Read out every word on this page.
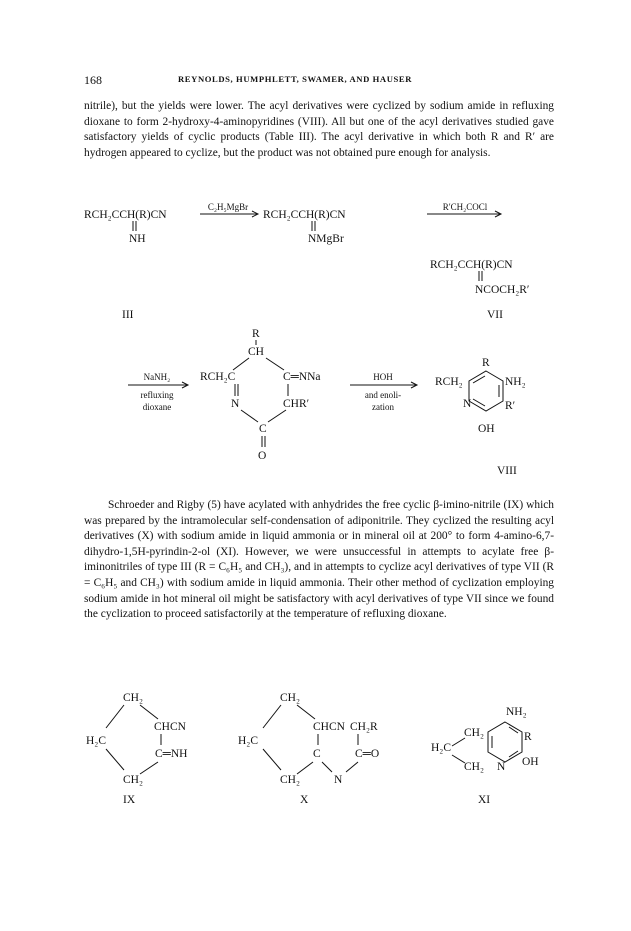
168	REYNOLDS, HUMPHLETT, SWAMER, AND HAUSER
nitrile), but the yields were lower. The acyl derivatives were cyclized by sodium amide in refluxing dioxane to form 2-hydroxy-4-aminopyridines (VIII). All but one of the acyl derivatives studied gave satisfactory yields of cyclic products (Table III). The acyl derivative in which both R and R′ are hydrogen appeared to cyclize, but the product was not obtained pure enough for analysis.
RCH₂CCH(R)CN
NH
C₂H₅MgBr
RCH₂CCH(R)CN
NMgBr
R′CH₂COCl
RCH₂CCH(R)CN
NCOCH₂R′
III	VII
NaNH₂
refluxing
dioxane
R
CH
RCH₂C	C═NNa
N	CHR′
C
O
HOH
and enoli-
zation
R
RCH₂	NH₂
N	R′
OH
VIII
CH₂
CHCN
H₂C
C═NH
CH₂
IX
CH₂
CHCN CH₂R
H₂C
C	C═O
CH₂	N
X
NH₂
CH₂	R
H₂C
CH₂ N OH
XI
Schroeder and Rigby (5) have acylated with anhydrides the free cyclic β-imino-nitrile (IX) which was prepared by the intramolecular self-condensation of adiponitrile. They cyclized the resulting acyl derivatives (X) with sodium amide in liquid ammonia or in mineral oil at 200° to form 4-amino-6,7-dihydro-1,5H-pyrindin-2-ol (XI). However, we were unsuccessful in attempts to acylate free β-iminonitriles of type III (R = C₆H₅ and CH₃), and in attempts to cyclize acyl derivatives of type VII (R = C₆H₅ and CH₃) with sodium amide in liquid ammonia. Their other method of cyclization employing sodium amide in hot mineral oil might be satisfactory with acyl derivatives of type VII since we found the cyclization to proceed satisfactorily at the temperature of refluxing dioxane.
